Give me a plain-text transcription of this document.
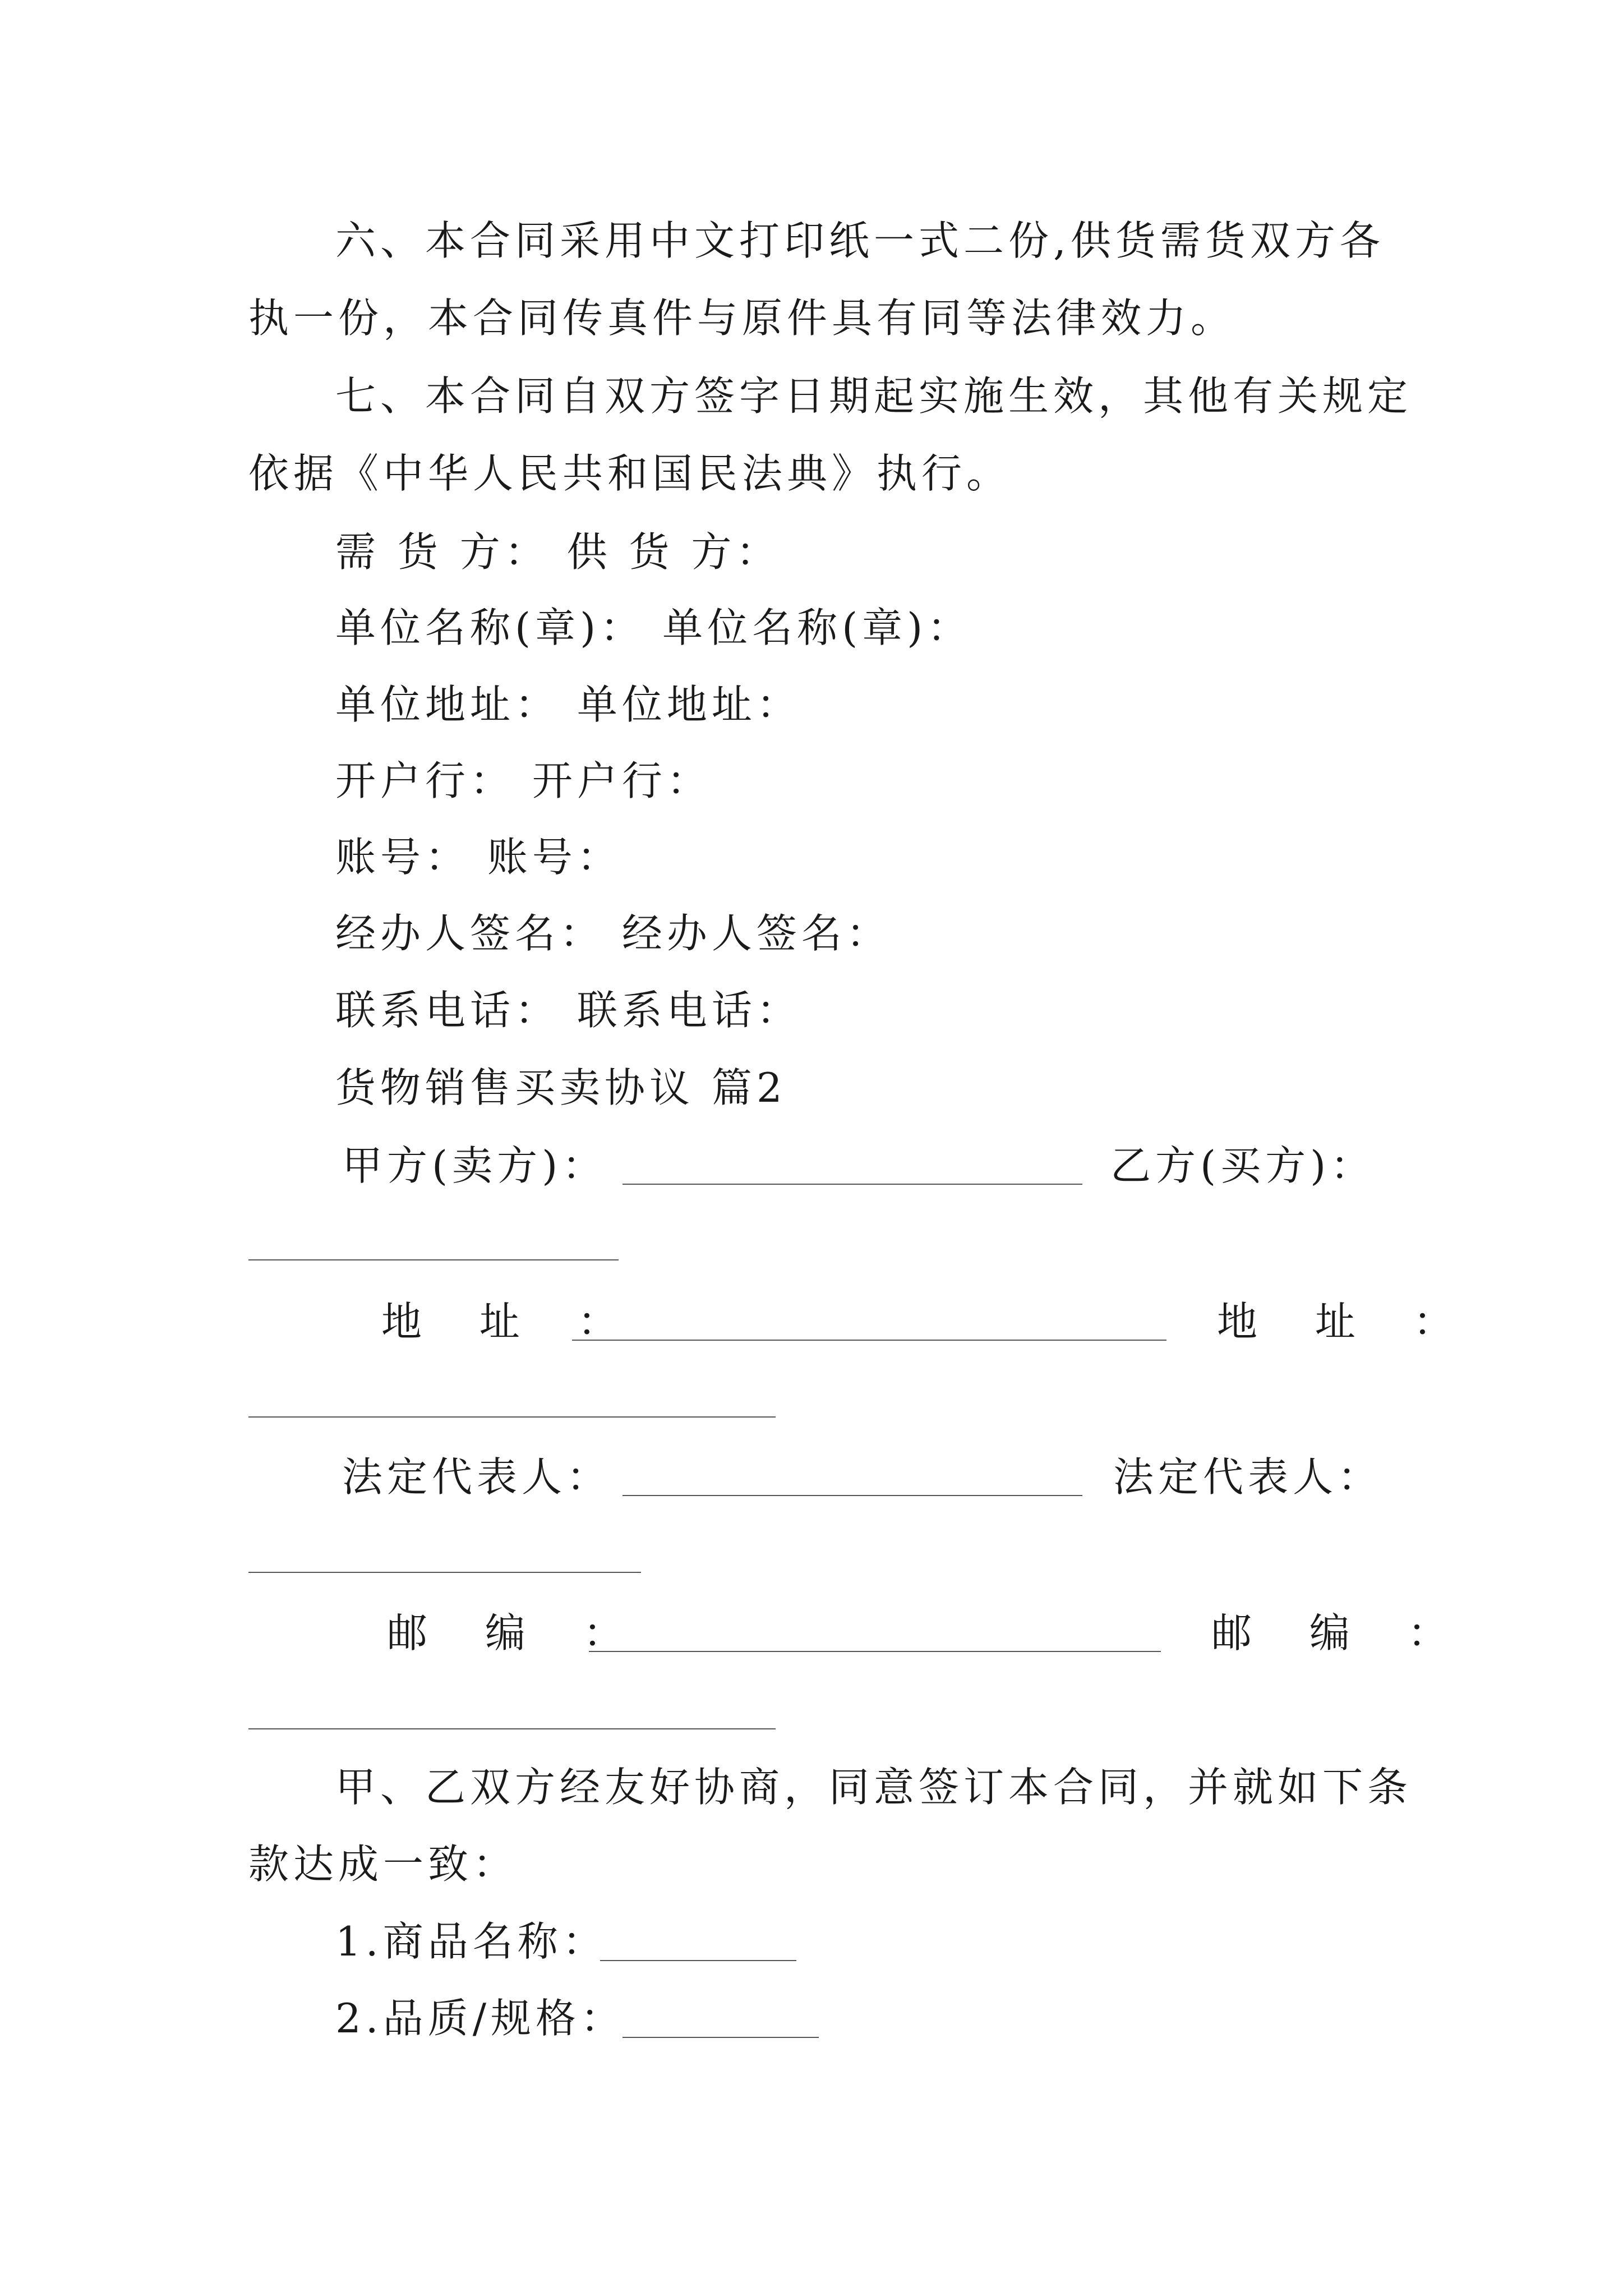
六、本合同采用中文打印纸一式二份,供货需货双方各
执一份，本合同传真件与原件具有同等法律效力。
七、本合同自双方签字日期起实施生效，其他有关规定
依据《中华人民共和国民法典》执行。
需 货 方： 供 货 方：
单位名称(章)： 单位名称(章)：
单位地址： 单位地址：
开户行： 开户行：
账号： 账号：
经办人签名： 经办人签名：
联系电话： 联系电话：
货物销售买卖协议 篇2
甲方(卖方)：	乙方(买方)：
地 址 ：	地 址 ：
法定代表人：	法定代表人：
邮 编 ：	邮 编 ：
甲、乙双方经友好协商，同意签订本合同，并就如下条
款达成一致：
1.商品名称：
2.品质/规格：
